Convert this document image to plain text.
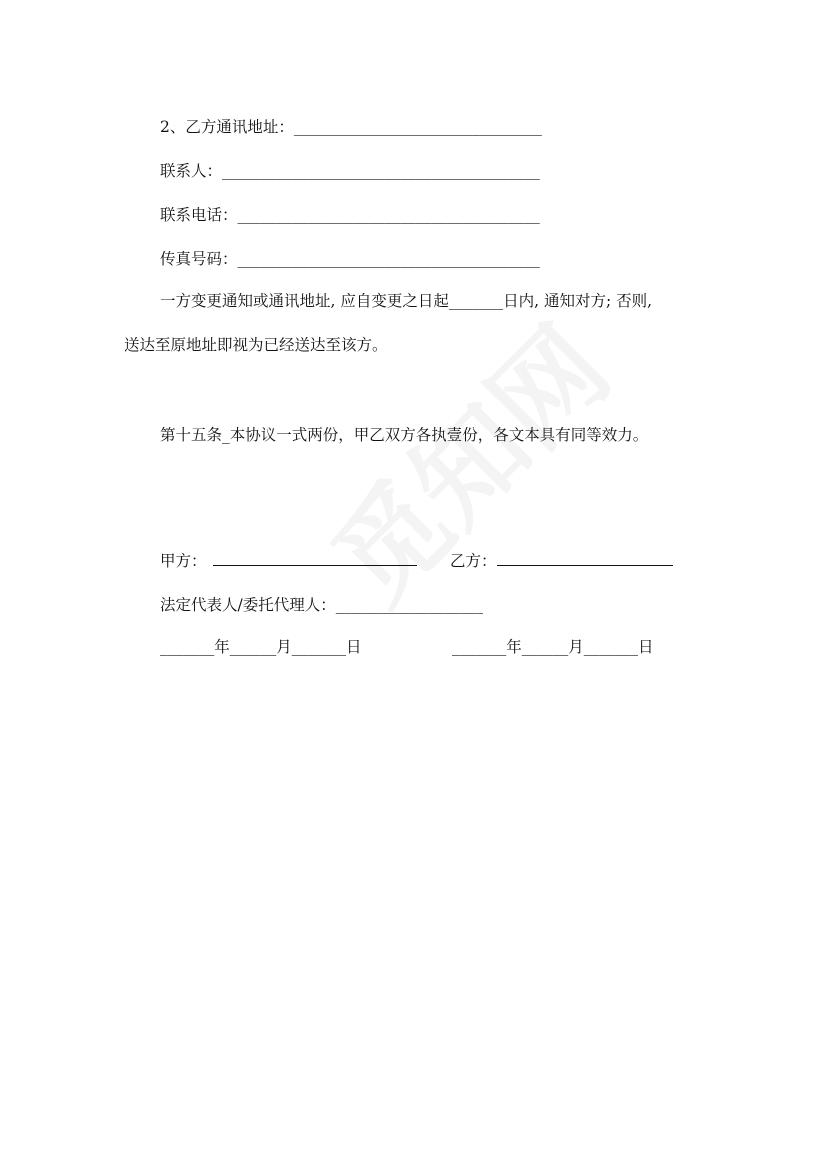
2、乙方通讯地址：________________________________
联系人：_________________________________________
联系电话：_______________________________________
传真号码：_______________________________________
一方变更通知或通讯地址, 应自变更之日起_______日内, 通知对方; 否则,
送达至原地址即视为已经送达至该方。
第十五条_本协议一式两份，甲乙双方各执壹份，各文本具有同等效力。
甲方：	乙方：
法定代表人/委托代理人：___________________
_______年______月_______日	_______年______月_______日
